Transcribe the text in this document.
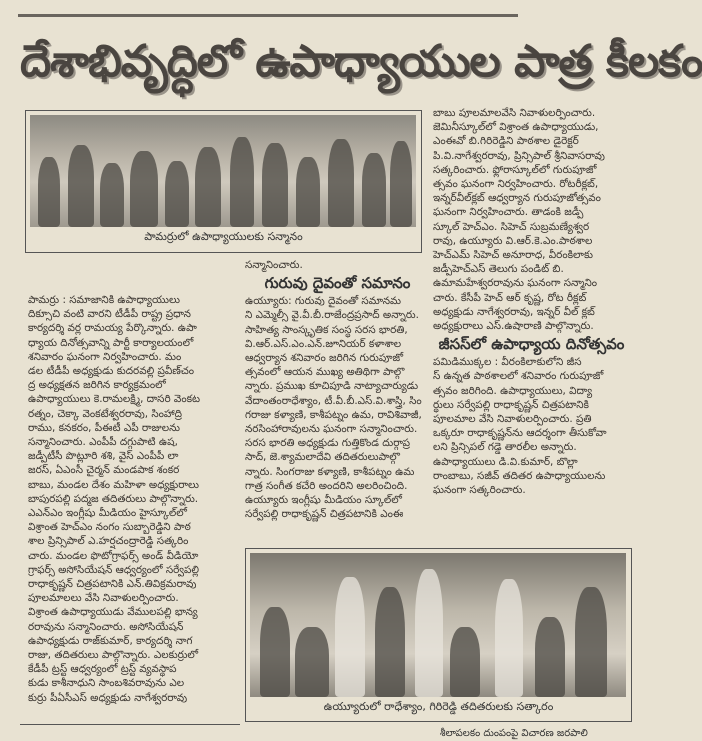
దేశాభివృద్ధిలో ఉపాధ్యాయుల పాత్ర కీలకం
పామర్రులో ఉపాధ్యాయులకు సన్మానం
పామర్రు : సమాజానికి ఉపాధ్యాయులు
దిక్సూచి వంటి వారని టీడీపీ రాష్ట్ర ప్రధాన
కార్యదర్శి వర్ల రామయ్య పేర్కొన్నారు. ఉపా
ధ్యాయ దినోత్సవాన్ని పార్టీ కార్యాలయంలో
శనివారం ఘనంగా నిర్వహించారు. మం
డల టీడీపీ అధ్యక్షుడు కుదరవల్లి ప్రవీణ్‌చం
ద్ర అధ్యక్షతన జరిగిన కార్యక్రమంలో
ఉపాధ్యాయులు కె.రామలక్ష్మి, దాసరి వెంకట
రత్నం, చెక్కా వెంకటేశ్వరరావు, సింహాద్రి
రాము, కనకరం, పీఈటీ ఎపీ రాజులను
సన్మానించారు. ఎంపీపీ దగ్గుపాటి ఉష,
జడ్పీటీసీ పొట్లూరి శశి, వైస్ ఎంపీపీ లా
జరస్, ఏఎంసీ చైర్మన్ మండపాక శంకర
బాబు, మండల దేశం మహిళా అధ్యక్షురాలు
బాపురపల్లి పద్మజ తదితరులు పాల్గొన్నారు.
ఎఎన్ఎం ఇంగ్లీషు మీడియం హైస్కూల్‌లో
విశ్రాంత హెచ్ఎం నంగం సుబ్బారెడ్డిని పాఠ
శాల ప్రిన్సిపాల్ ఎ.హర్షచంద్రారెడ్డి సత్కరిం
చారు. మండల ఫొటోగ్రాఫర్స్ అండ్ వీడియో
గ్రాఫర్స్ అసోసియేషన్ ఆధ్వర్యంలో సర్వేపల్లి
రాధాకృష్ణన్ చిత్రపటానికి ఎన్.తివిక్రమరావు
పూలమాలలు వేసి నివాళులర్పించారు.
విశ్రాంత ఉపాధ్యాయుడు వేములపల్లి భాన్య
రరావును సన్మానించారు. అసోసియేషన్
ఉపాధ్యక్షుడు రాజ్‌కుమార్, కార్యదర్శి నాగ
రాజు, తదితరులు పాల్గొన్నారు. ఎలకుర్రులో
కేడీపీ ట్రస్ట్ ఆధ్వర్యంలో ట్రస్ట్ వ్యవస్థాప
కుడు కాశీనాధుని సాంబశివరావును ఎల
కుర్రు పీఏసీఎస్ అధ్యక్షుడు నాగేశ్వరరావు
సన్మానించారు.
గురువు దైవంతో సమానం
ఉయ్యూరు: గురువు దైవంతో సమానమ
ని ఎమ్మెల్సీ వై.వీ.బీ.రాజేంద్రప్రసాద్ అన్నారు.
సాహిత్య సాంస్కృతిక సంస్థ సరస భారతి,
వి.ఆర్.ఎస్.ఎం.ఎన్.జూనియర్ కళాశాల
ఆధ్వర్యాన శనివారం జరిగిన గురుపూజో
త్సవంలో ఆయన ముఖ్య అతిథిగా పాల్గొ
న్నారు. ప్రముఖ కూచిపూడి నాట్యాచార్యుడు
వేదాంతంరాధేశ్యాం, టీ.వీ.బీ.ఎస్.వి.శాస్త్రి, సిం
గరాజు కళ్యాణి, కాశీపట్నం ఉమ, రావిశివాజీ,
నరసింహారావులను ఘనంగా సన్మానించారు.
సరస భారతి అధ్యక్షుడు గుత్తికొండ దుర్గాప్ర
సాద్, జె.శ్యామలాదేవి తదితరులుపాల్గొ
న్నారు. సింగరాజు కళ్యాణి, కాశీపట్నం ఉమ
గాత్ర సంగీత కచేరి అందరిని అలరించింది.
ఉయ్యూరు ఇంగ్లీషు మీడియం స్కూల్‌లో
సర్వేపల్లి రాధాకృష్ణన్ చిత్రపటానికి ఎంఈ
బాబు పూలమాలవేసి నివాళులర్పించారు.
జెమినీస్కూల్‌లో విశ్రాంత ఉపాధ్యాయుడు,
ఎంఈవో బి.గిరిరెడ్డిని పాఠశాల డైరెక్టర్
పి.వి.నాగేశ్వరరావు, ప్రిన్సిపాల్ శ్రీనివాసరావు
సత్కరించారు. ఫ్లోరాస్కూల్‌లో గురుపూజో
త్సవం ఘనంగా నిర్వహించారు. రోటరీక్లబ్,
ఇన్నర్‌వీల్‌క్లబ్ ఆధ్వర్యాన గురుపూజోత్సవం
ఘనంగా నిర్వహించారు. తాడంకి జడ్పీ
స్కూల్ హెచ్ఎం. సిహెచ్ సుబ్రమణ్యేశ్వర
రావు, ఉయ్యూరు వి.ఆర్.కె.ఎం.పాఠశాల
హెచ్ఎమ్ సిహెచ్ అనూరాధ, వీరంకిలాకు
జడ్పీహెచ్ఎస్ తెలుగు పండిట్ బి.
ఉమామహేశ్వరరావును ఘనంగా సన్మానిం
చారు. కేసీపీ హెచ్ ఆర్ కృష్ణ, రోట రీక్లబ్
అధ్యక్షుడు నాగేశ్వరరావు, ఇన్నర్ వీల్ క్లబ్
అధ్యక్షురాలు ఎస్.ఉషారాణి పాల్గొన్నారు.
జీసస్‌లో ఉపాధ్యాయ దినోత్సవం
పమిడిముక్కల : వీరంకిలాకులోని జీస
స్ ఉన్నత పాఠశాలలో శనివారం గురుపూజో
త్సవం జరిగింది. ఉపాధ్యాయులు, విద్యా
ర్థులు సర్వేపల్లి రాధాకృష్ణన్ చిత్రపటానికి
పూలమాల వేసి నివాళులర్పించారు. ప్రతి
ఒక్కరూ రాధాకృష్ణన్‌ను ఆదర్శంగా తీసుకోవా
లని ప్రిన్సిపల్ గడ్డె తారలీల అన్నారు.
ఉపాధ్యాయులు డి.వి.కుమార్, బొల్లా
రాంబాబు, సజీవ్ తదితర ఉపాధ్యాయులను
ఘనంగా సత్కరించారు.
ఉయ్యూరులో రాధేశ్యాం, గిరిరెడ్డి తదితరులకు సత్కారం
శీలాపలకం దుంపంపై విచారణ జరపాలి
